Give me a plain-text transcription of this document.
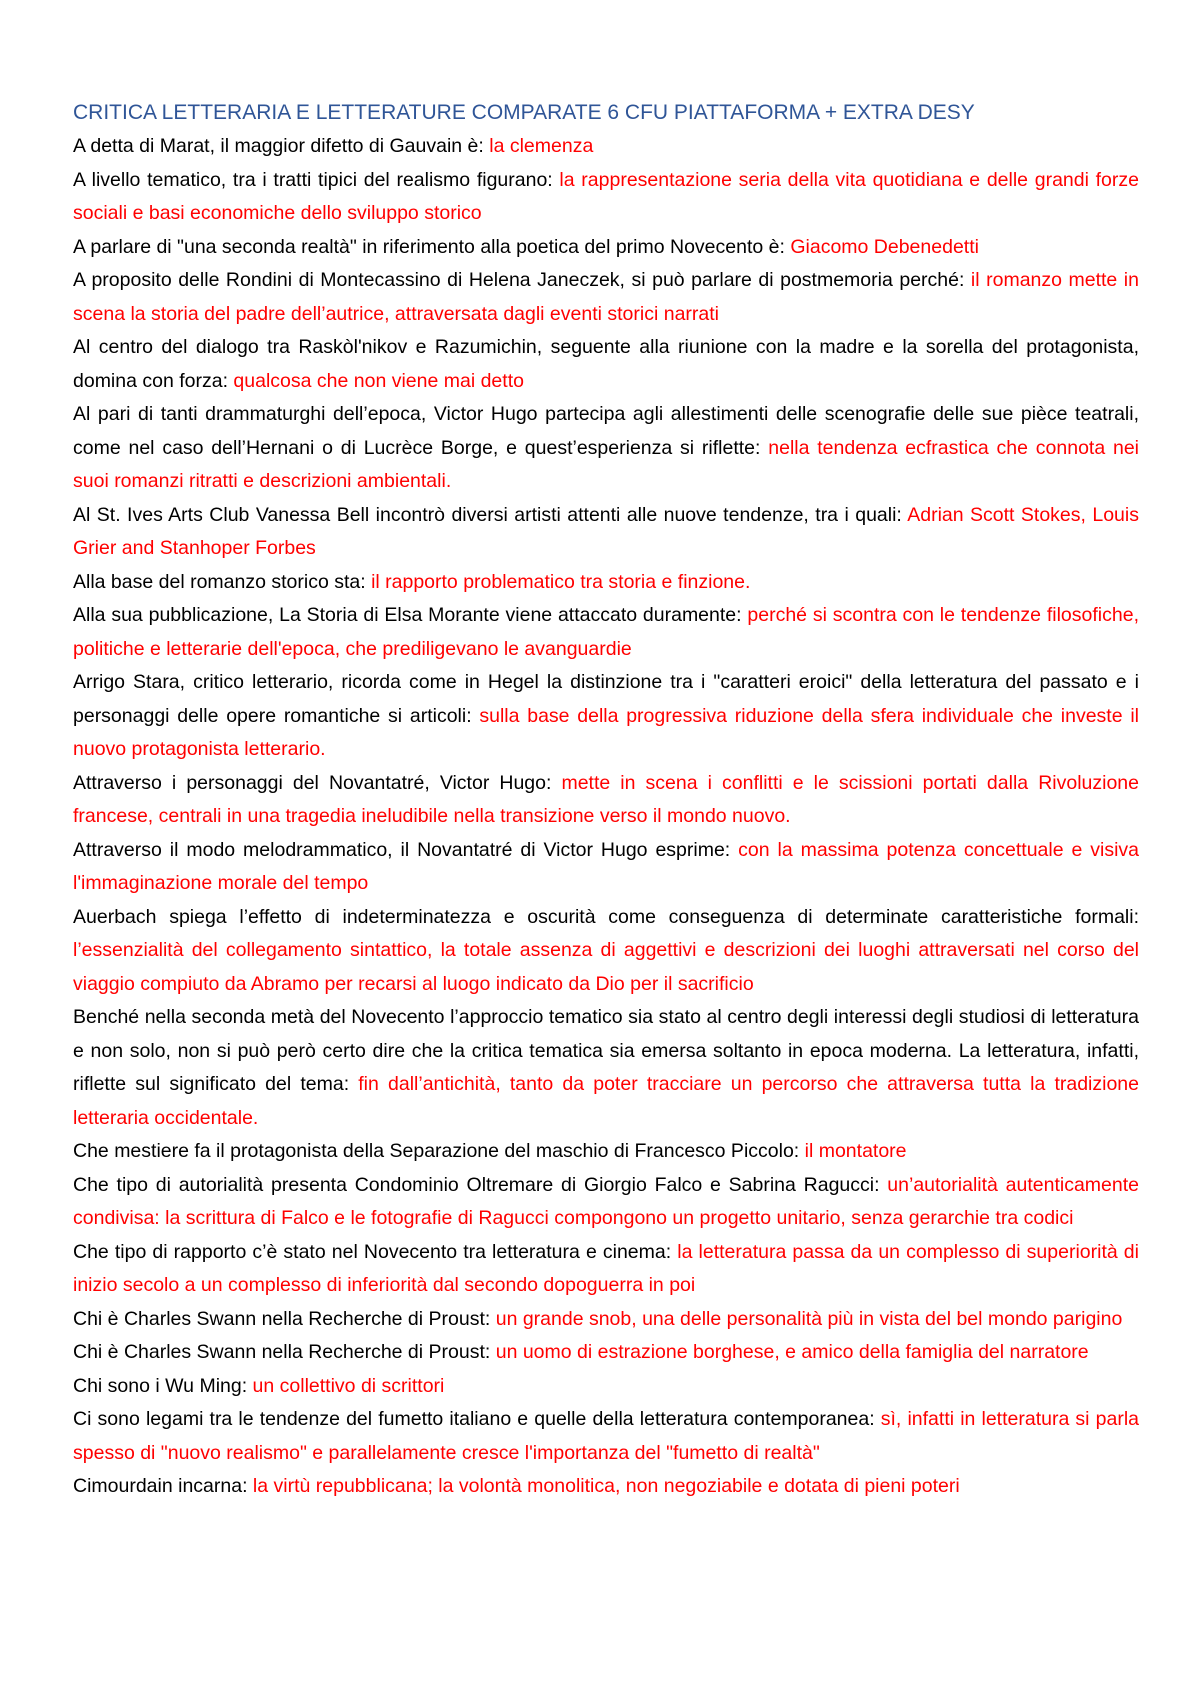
CRITICA LETTERARIA E LETTERATURE COMPARATE 6 CFU PIATTAFORMA + EXTRA DESY

A detta di Marat, il maggior difetto di Gauvain è: la clemenza

A livello tematico, tra i tratti tipici del realismo figurano: la rappresentazione seria della vita quotidiana e delle grandi forze sociali e basi economiche dello sviluppo storico

A parlare di "una seconda realtà" in riferimento alla poetica del primo Novecento è: Giacomo Debenedetti

A proposito delle Rondini di Montecassino di Helena Janeczek, si può parlare di postmemoria perché: il romanzo mette in scena la storia del padre dell’autrice, attraversata dagli eventi storici narrati

Al centro del dialogo tra Raskòl'nikov e Razumichin, seguente alla riunione con la madre e la sorella del protagonista, domina con forza: qualcosa che non viene mai detto

Al pari di tanti drammaturghi dell’epoca, Victor Hugo partecipa agli allestimenti delle scenografie delle sue pièce teatrali, come nel caso dell’Hernani o di Lucrèce Borge, e quest’esperienza si riflette: nella tendenza ecfrastica che connota nei suoi romanzi ritratti e descrizioni ambientali.

Al St. Ives Arts Club Vanessa Bell incontrò diversi artisti attenti alle nuove tendenze, tra i quali: Adrian Scott Stokes, Louis Grier and Stanhoper Forbes

Alla base del romanzo storico sta: il rapporto problematico tra storia e finzione.

Alla sua pubblicazione, La Storia di Elsa Morante viene attaccato duramente: perché si scontra con le tendenze filosofiche, politiche e letterarie dell'epoca, che prediligevano le avanguardie

Arrigo Stara, critico letterario, ricorda come in Hegel la distinzione tra i "caratteri eroici" della letteratura del passato e i personaggi delle opere romantiche si articoli: sulla base della progressiva riduzione della sfera individuale che investe il nuovo protagonista letterario.

Attraverso i personaggi del Novantatré, Victor Hugo: mette in scena i conflitti e le scissioni portati dalla Rivoluzione francese, centrali in una tragedia ineludibile nella transizione verso il mondo nuovo.

Attraverso il modo melodrammatico, il Novantatré di Victor Hugo esprime: con la massima potenza concettuale e visiva l'immaginazione morale del tempo

Auerbach spiega l’effetto di indeterminatezza e oscurità come conseguenza di determinate caratteristiche formali: l’essenzialità del collegamento sintattico, la totale assenza di aggettivi e descrizioni dei luoghi attraversati nel corso del viaggio compiuto da Abramo per recarsi al luogo indicato da Dio per il sacrificio

Benché nella seconda metà del Novecento l’approccio tematico sia stato al centro degli interessi degli studiosi di letteratura e non solo, non si può però certo dire che la critica tematica sia emersa soltanto in epoca moderna. La letteratura, infatti, riflette sul significato del tema: fin dall’antichità, tanto da poter tracciare un percorso che attraversa tutta la tradizione letteraria occidentale.

Che mestiere fa il protagonista della Separazione del maschio di Francesco Piccolo: il montatore

Che tipo di autorialità presenta Condominio Oltremare di Giorgio Falco e Sabrina Ragucci: un’autorialità autenticamente condivisa: la scrittura di Falco e le fotografie di Ragucci compongono un progetto unitario, senza gerarchie tra codici

Che tipo di rapporto c’è stato nel Novecento tra letteratura e cinema: la letteratura passa da un complesso di superiorità di inizio secolo a un complesso di inferiorità dal secondo dopoguerra in poi

Chi è Charles Swann nella Recherche di Proust: un grande snob, una delle personalità più in vista del bel mondo parigino

Chi è Charles Swann nella Recherche di Proust: un uomo di estrazione borghese, e amico della famiglia del narratore

Chi sono i Wu Ming: un collettivo di scrittori

Ci sono legami tra le tendenze del fumetto italiano e quelle della letteratura contemporanea: sì, infatti in letteratura si parla spesso di "nuovo realismo" e parallelamente cresce l'importanza del "fumetto di realtà"

Cimourdain incarna: la virtù repubblicana; la volontà monolitica, non negoziabile e dotata di pieni poteri
